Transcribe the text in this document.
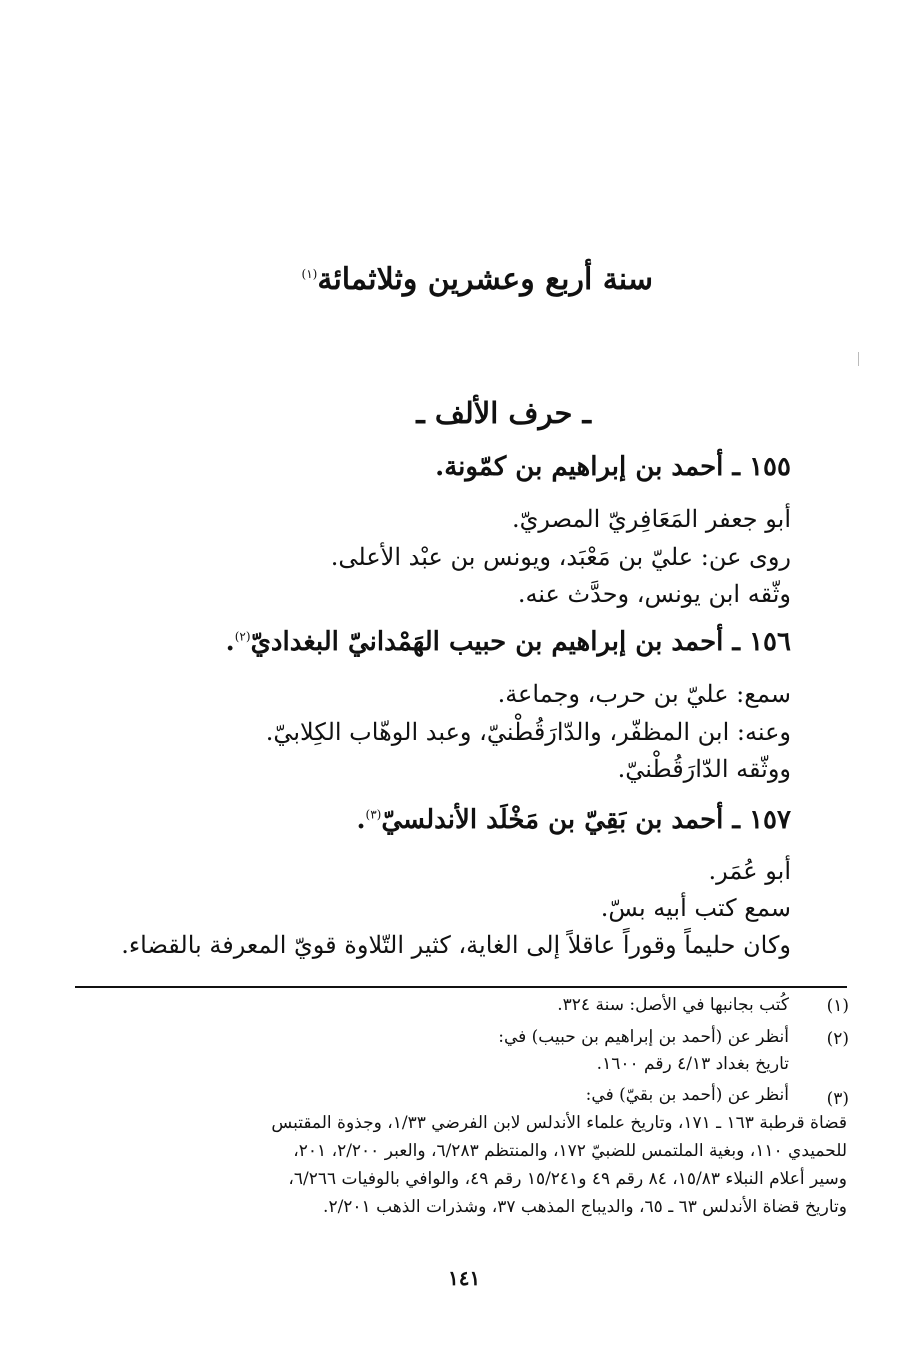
سنة أربع وعشرين وثلاثمائة$^{(١)}$
ـ حرف الألف ـ
١٥٥ ـ أحمد بن إبراهيم بن كمّونة.
أبو جعفر المَعَافِريّ المصريّ.
روى عن: عليّ بن مَعْبَد، ويونس بن عبْد الأعلى.
وثّقه ابن يونس، وحدَّث عنه.
١٥٦ ـ أحمد بن إبراهيم بن حبيب الهَمْدانيّ البغداديّ$^{(٢)}$.
سمع: عليّ بن حرب، وجماعة.
وعنه: ابن المظفّر، والدّارَقُطْنيّ، وعبد الوهّاب الكِلابيّ.
ووثّقه الدّارَقُطْنيّ.
١٥٧ ـ أحمد بن بَقِيّ بن مَخْلَد الأندلسيّ$^{(٣)}$.
أبو عُمَر.
سمع كتب أبيه بسّ.
وكان حليماً وقوراً عاقلاً إلى الغاية، كثير التّلاوة قويّ المعرفة بالقضاء.
(١)
كُتب بجانبها في الأصل: سنة ٣٢٤.
(٢)
أنظر عن (أحمد بن إبراهيم بن حبيب) في:
تاريخ بغداد ٤/١٣ رقم ١٦٠٠.
(٣)
أنظر عن (أحمد بن بقيّ) في:
قضاة قرطبة ١٦٣ ـ ١٧١، وتاريخ علماء الأندلس لابن الفرضي ١/٣٣، وجذوة المقتبس
للحميدي ١١٠، وبغية الملتمس للضبيّ ١٧٢، والمنتظم ٦/٢٨٣، والعبر ٢/٢٠٠، ٢٠١،
وسير أعلام النبلاء ١٥/٨٣، ٨٤ رقم ٤٩ و١٥/٢٤١ رقم ٤٩، والوافي بالوفيات ٦/٢٦٦،
وتاريخ قضاة الأندلس ٦٣ ـ ٦٥، والديباج المذهب ٣٧، وشذرات الذهب ٢/٢٠١.
١٤١
